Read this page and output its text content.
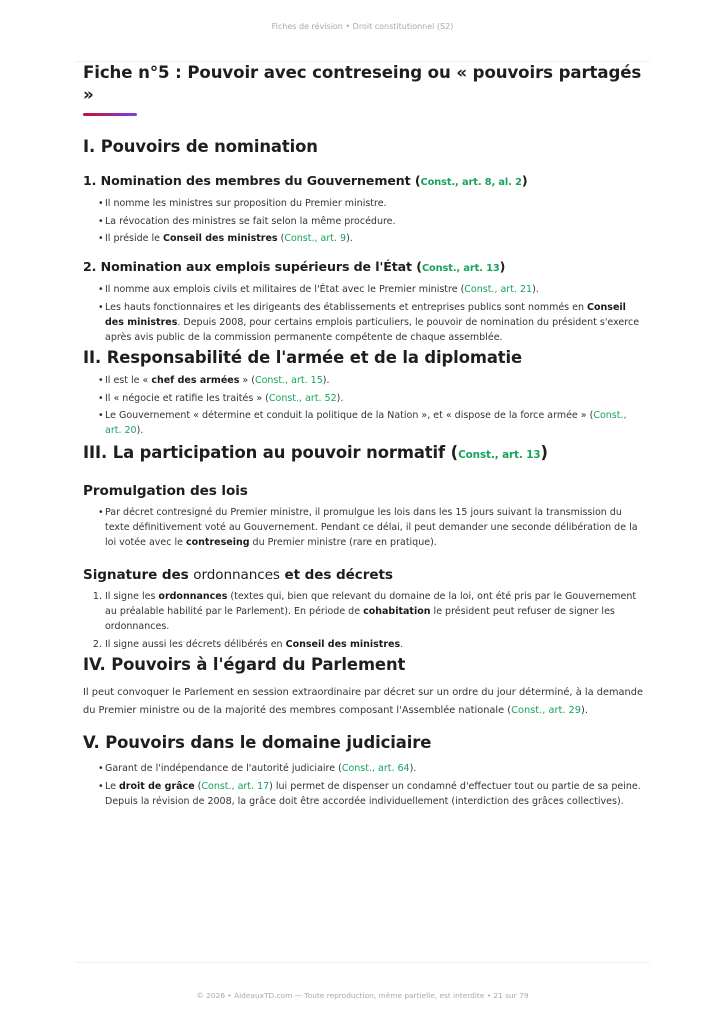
Fiches de révision • Droit constitutionnel (S2)
Fiche n°5 : Pouvoir avec contreseing ou « pouvoirs partagés »
I. Pouvoirs de nomination
1. Nomination des membres du Gouvernement (Const., art. 8, al. 2)
• Il nomme les ministres sur proposition du Premier ministre.
• La révocation des ministres se fait selon la même procédure.
• Il préside le Conseil des ministres (Const., art. 9).
2. Nomination aux emplois supérieurs de l'État (Const., art. 13)
• Il nomme aux emplois civils et militaires de l'État avec le Premier ministre (Const., art. 21).
• Les hauts fonctionnaires et les dirigeants des établissements et entreprises publics sont nommés en Conseil des ministres. Depuis 2008, pour certains emplois particuliers, le pouvoir de nomination du président s'exerce après avis public de la commission permanente compétente de chaque assemblée.
II. Responsabilité de l'armée et de la diplomatie
• Il est le « chef des armées » (Const., art. 15).
• Il « négocie et ratifie les traités » (Const., art. 52).
• Le Gouvernement « détermine et conduit la politique de la Nation », et « dispose de la force armée » (Const., art. 20).
III. La participation au pouvoir normatif (Const., art. 13)
Promulgation des lois
• Par décret contresigné du Premier ministre, il promulgue les lois dans les 15 jours suivant la transmission du texte définitivement voté au Gouvernement. Pendant ce délai, il peut demander une seconde délibération de la loi votée avec le contreseing du Premier ministre (rare en pratique).
Signature des ordonnances et des décrets
1. Il signe les ordonnances (textes qui, bien que relevant du domaine de la loi, ont été pris par le Gouvernement au préalable habilité par le Parlement). En période de cohabitation le président peut refuser de signer les ordonnances.
2. Il signe aussi les décrets délibérés en Conseil des ministres.
IV. Pouvoirs à l'égard du Parlement

Il peut convoquer le Parlement en session extraordinaire par décret sur un ordre du jour déterminé, à la demande du Premier ministre ou de la majorité des membres composant l'Assemblée nationale (Const., art. 29).

V. Pouvoirs dans le domaine judiciaire
• Garant de l'indépendance de l'autorité judiciaire (Const., art. 64).
• Le droit de grâce (Const., art. 17) lui permet de dispenser un condamné d'effectuer tout ou partie de sa peine. Depuis la révision de 2008, la grâce doit être accordée individuellement (interdiction des grâces collectives).
© 2026 • AideauxTD.com — Toute reproduction, même partielle, est interdite • 21 sur 79
